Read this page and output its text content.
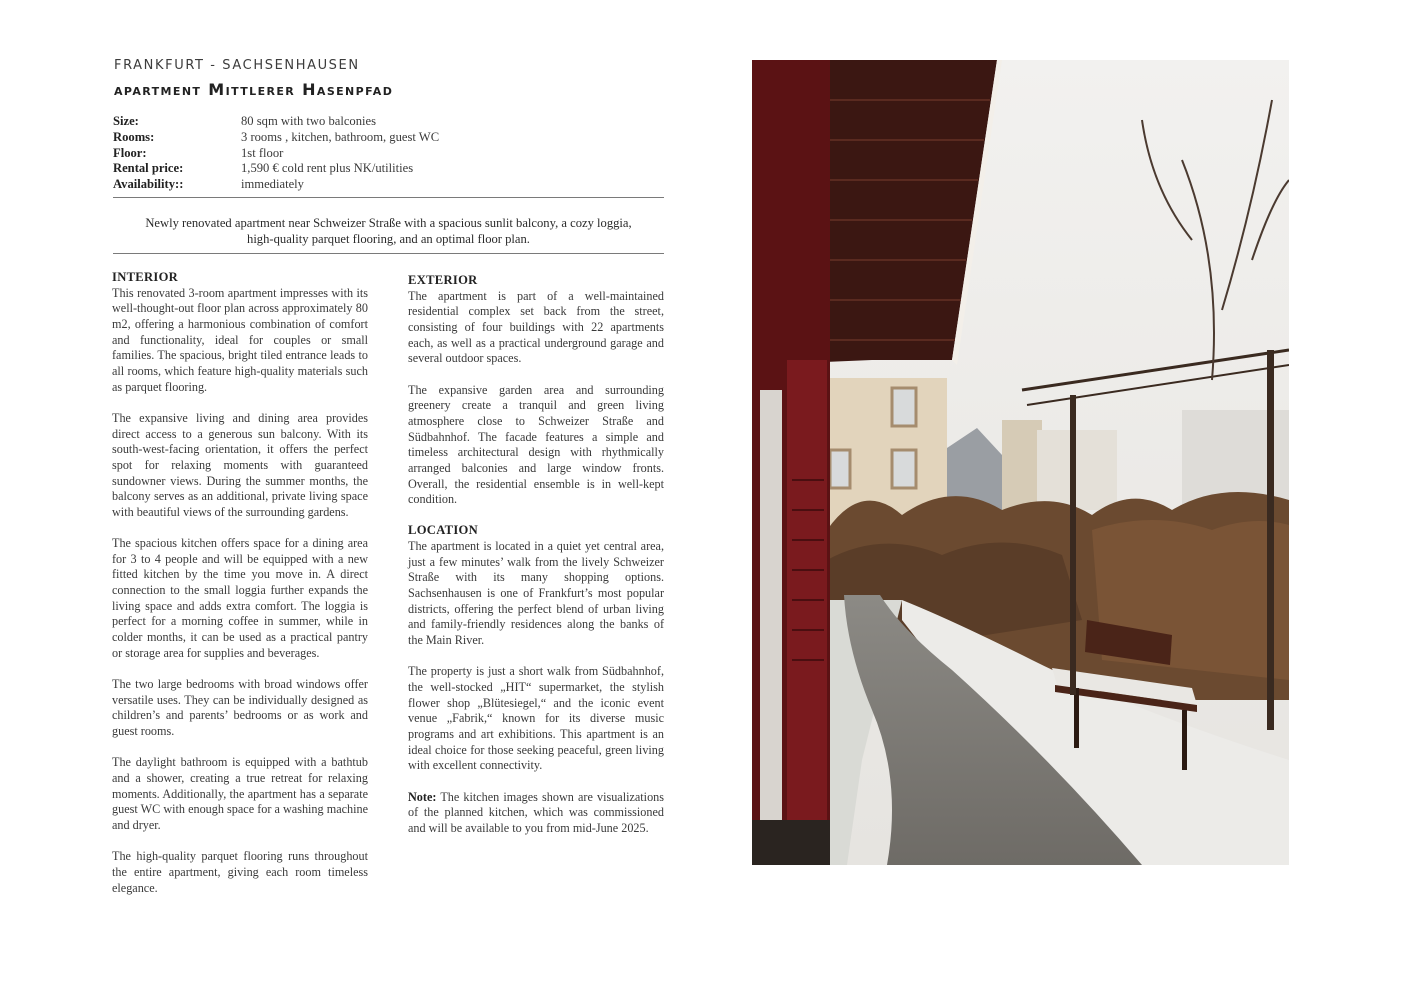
FRANKFURT - SACHSENHAUSEN
apartment Mittlerer Hasenpfad
Size:	80 sqm with two balconies
Rooms:	3 rooms , kitchen, bathroom, guest WC
Floor:	1st floor
Rental price:	1,590 € cold rent plus NK/utilities
Availability::	immediately
Newly renovated apartment near Schweizer Straße with a spacious sunlit balcony, a cozy loggia,
high-quality parquet flooring, and an optimal floor plan.
INTERIOR

This renovated 3-room apartment impresses with its well-thought-out floor plan across approximately 80 m2, offering a harmonious combination of comfort and functionality, ideal for couples or small families. The spacious, bright tiled entrance leads to all rooms, which feature high-quality materials such as parquet flooring.

The expansive living and dining area provides direct access to a generous sun balcony. With its south-west-facing orientation, it offers the perfect spot for relaxing moments with guaranteed sundowner views. During the summer months, the balcony serves as an additional, private living space with beautiful views of the surrounding gardens.

The spacious kitchen offers space for a dining area for 3 to 4 people and will be equipped with a new fitted kitchen by the time you move in. A direct connection to the small loggia further expands the living space and adds extra comfort. The loggia is perfect for a morning coffee in summer, while in colder months, it can be used as a practical pantry or storage area for supplies and beverages.

The two large bedrooms with broad windows offer versatile uses. They can be individually designed as children’s and parents’ bedrooms or as work and guest rooms.

The daylight bathroom is equipped with a bathtub and a shower, creating a true retreat for relaxing moments. Additionally, the apartment has a separate guest WC with enough space for a washing machine and dryer.

The high-quality parquet flooring runs throughout the entire apartment, giving each room timeless elegance.

EXTERIOR

The apartment is part of a well-maintained residential complex set back from the street, consisting of four buildings with 22 apartments each, as well as a practical underground garage and several outdoor spaces.

The expansive garden area and surrounding greenery create a tranquil and green living atmosphere close to Schweizer Straße and Südbahnhof. The facade features a simple and timeless architectural design with rhythmically arranged balconies and large window fronts. Overall, the residential ensemble is in well-kept condition.

LOCATION

The apartment is located in a quiet yet central area, just a few minutes’ walk from the lively Schweizer Straße with its many shopping options. Sachsenhausen is one of Frankfurt’s most popular districts, offering the perfect blend of urban living and family-friendly residences along the banks of the Main River.

The property is just a short walk from Südbahnhof, the well-stocked „HIT“ supermarket, the stylish flower shop „Blütesiegel,“ and the iconic event venue „Fabrik,“ known for its diverse music programs and art exhibitions. This apartment is an ideal choice for those seeking peaceful, green living with excellent connectivity.

Note: The kitchen images shown are visualizations of the planned kitchen, which was commissioned and will be available to you from mid-June 2025.
